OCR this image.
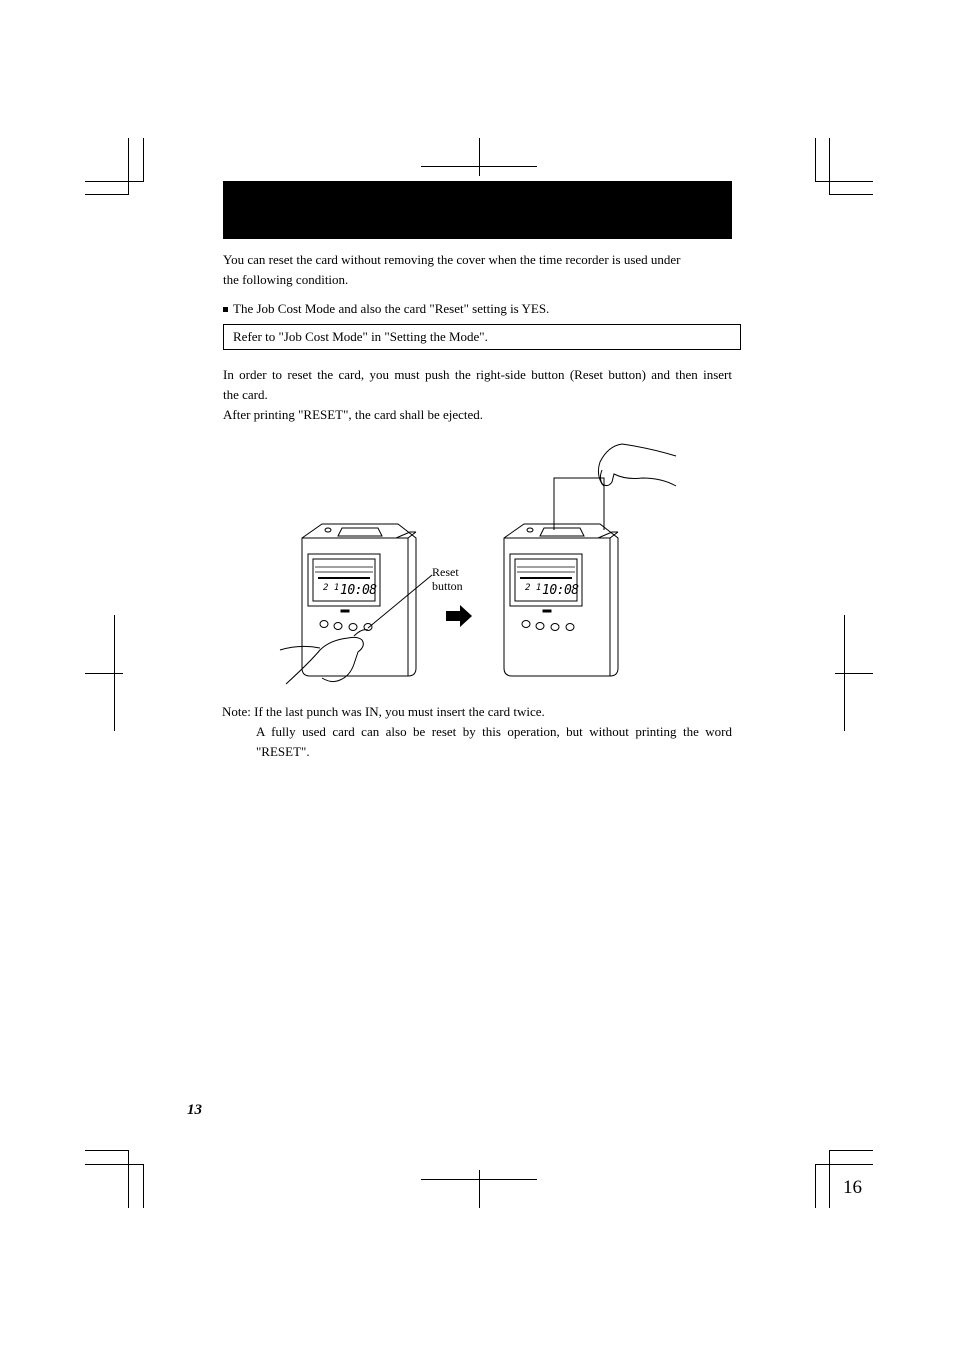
You can reset the card without removing the cover when the time recorder is used under
the following condition.
The Job Cost Mode and also the card "Reset" setting is YES.
Refer to "Job Cost Mode" in "Setting the Mode".
In order to reset the card, you must push the right-side button (Reset button) and then insert
the card.
After printing "RESET", the card shall be ejected.
2 1 10:08	2 1 10:08
Reset
button
Note: If the last punch was IN, you must insert the card twice.
A fully used card can also be reset by this operation, but without printing the word
"RESET".
13
16
